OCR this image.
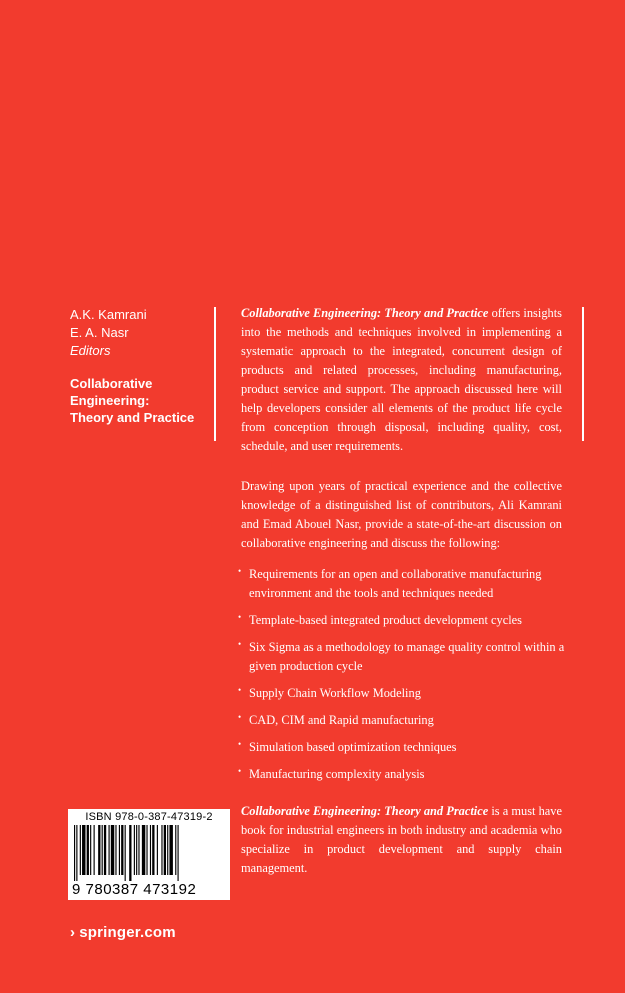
A.K. Kamrani
E. A. Nasr
Editors
Collaborative
Engineering:
Theory and Practice

Collaborative Engineering: Theory and Practice offers insights into the methods and techniques involved in implementing a systematic approach to the integrated, concurrent design of products and related processes, including manufacturing, product service and support. The approach discussed here will help developers consider all elements of the product life cycle from conception through disposal, including quality, cost, schedule, and user requirements.

Drawing upon years of practical experience and the collective knowledge of a distinguished list of contributors, Ali Kamrani and Emad Abouel Nasr, provide a state-of-the-art discussion on collaborative engineering and discuss the following:

• Requirements for an open and collaborative manufacturing environment and the tools and techniques needed
• Template-based integrated product development cycles
• Six Sigma as a methodology to manage quality control within a given production cycle
• Supply Chain Workflow Modeling
• CAD, CIM and Rapid manufacturing
• Simulation based optimization techniques
• Manufacturing complexity analysis
Collaborative Engineering: Theory and Practice is a must have book for industrial engineers in both industry and academia who specialize in product development and supply chain management.
ISBN 978-0-387-47319-2
9 780387 473192
› springer.com
